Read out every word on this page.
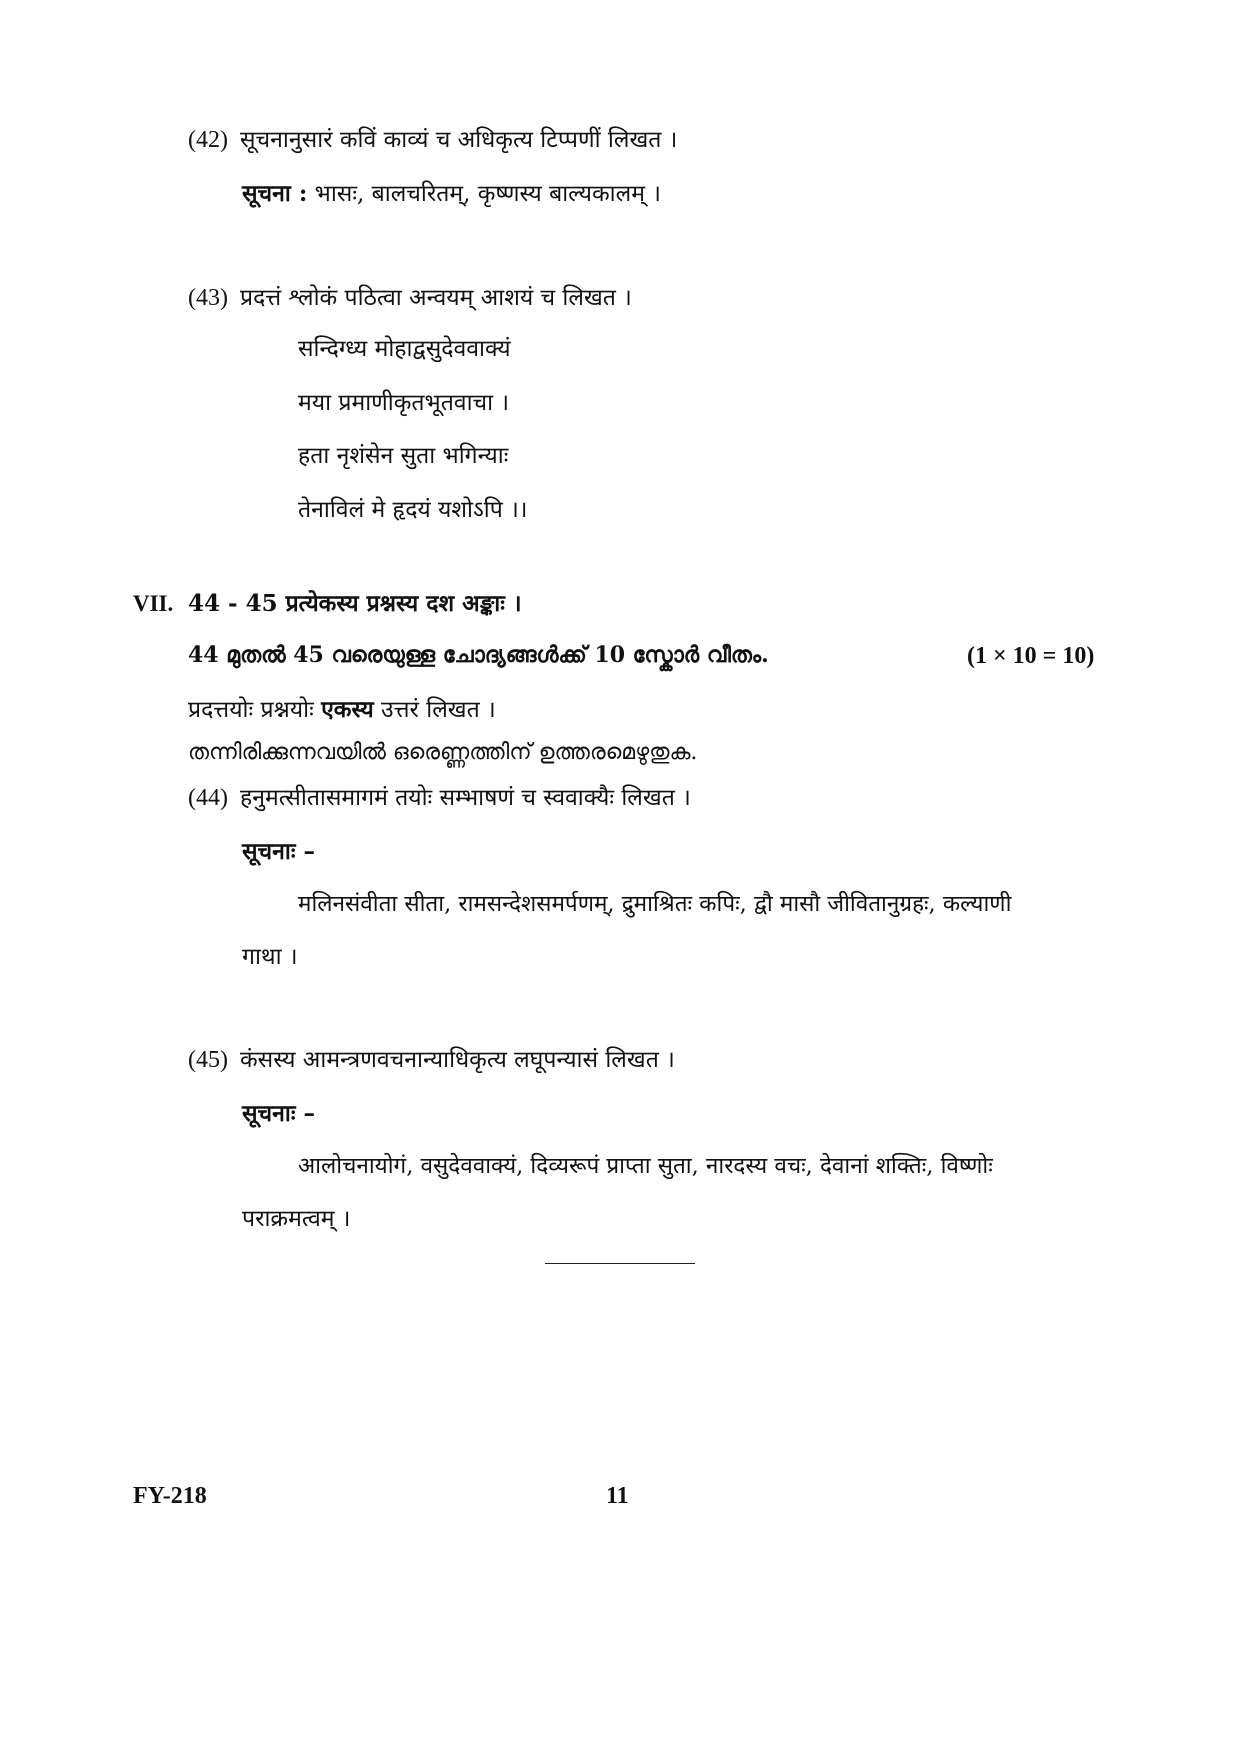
(42) सूचनानुसारं कविं काव्यं च अधिकृत्य टिप्पणीं लिखत ।
सूचना : भासः, बालचरितम्, कृष्णस्य बाल्यकालम् ।
(43) प्रदत्तं श्लोकं पठित्वा अन्वयम् आशयं च लिखत ।
सन्दिग्ध्य मोहाद्वसुदेववाक्यं
मया प्रमाणीकृतभूतवाचा ।
हता नृशंसेन सुता भगिन्याः
तेनाविलं मे हृदयं यशोऽपि ।।
VII. 44 - 45 प्रत्येकस्य प्रश्नस्य दश अङ्काः ।
44 മുതൽ 45 വരെയുള്ള ചോദ്യങ്ങൾക്ക് 10 സ്കോർ വീതം.	(1 × 10 = 10)
प्रदत्तयोः प्रश्नयोः एकस्य उत्तरं लिखत ।
തന്നിരിക്കുന്നവയിൽ ഒരെണ്ണത്തിന് ഉത്തരമെഴുതുക.
(44) हनुमत्सीतासमागमं तयोः सम्भाषणं च स्ववाक्यैः लिखत ।
सूचनाः –
मलिनसंवीता सीता, रामसन्देशसमर्पणम्, द्रुमाश्रितः कपिः, द्वौ मासौ जीवितानुग्रहः, कल्याणी
गाथा ।
(45) कंसस्य आमन्त्रणवचनान्याधिकृत्य लघूपन्यासं लिखत ।
सूचनाः –
आलोचनायोगं, वसुदेववाक्यं, दिव्यरूपं प्राप्ता सुता, नारदस्य वचः, देवानां शक्तिः, विष्णोः
पराक्रमत्वम् ।
FY-218	11
